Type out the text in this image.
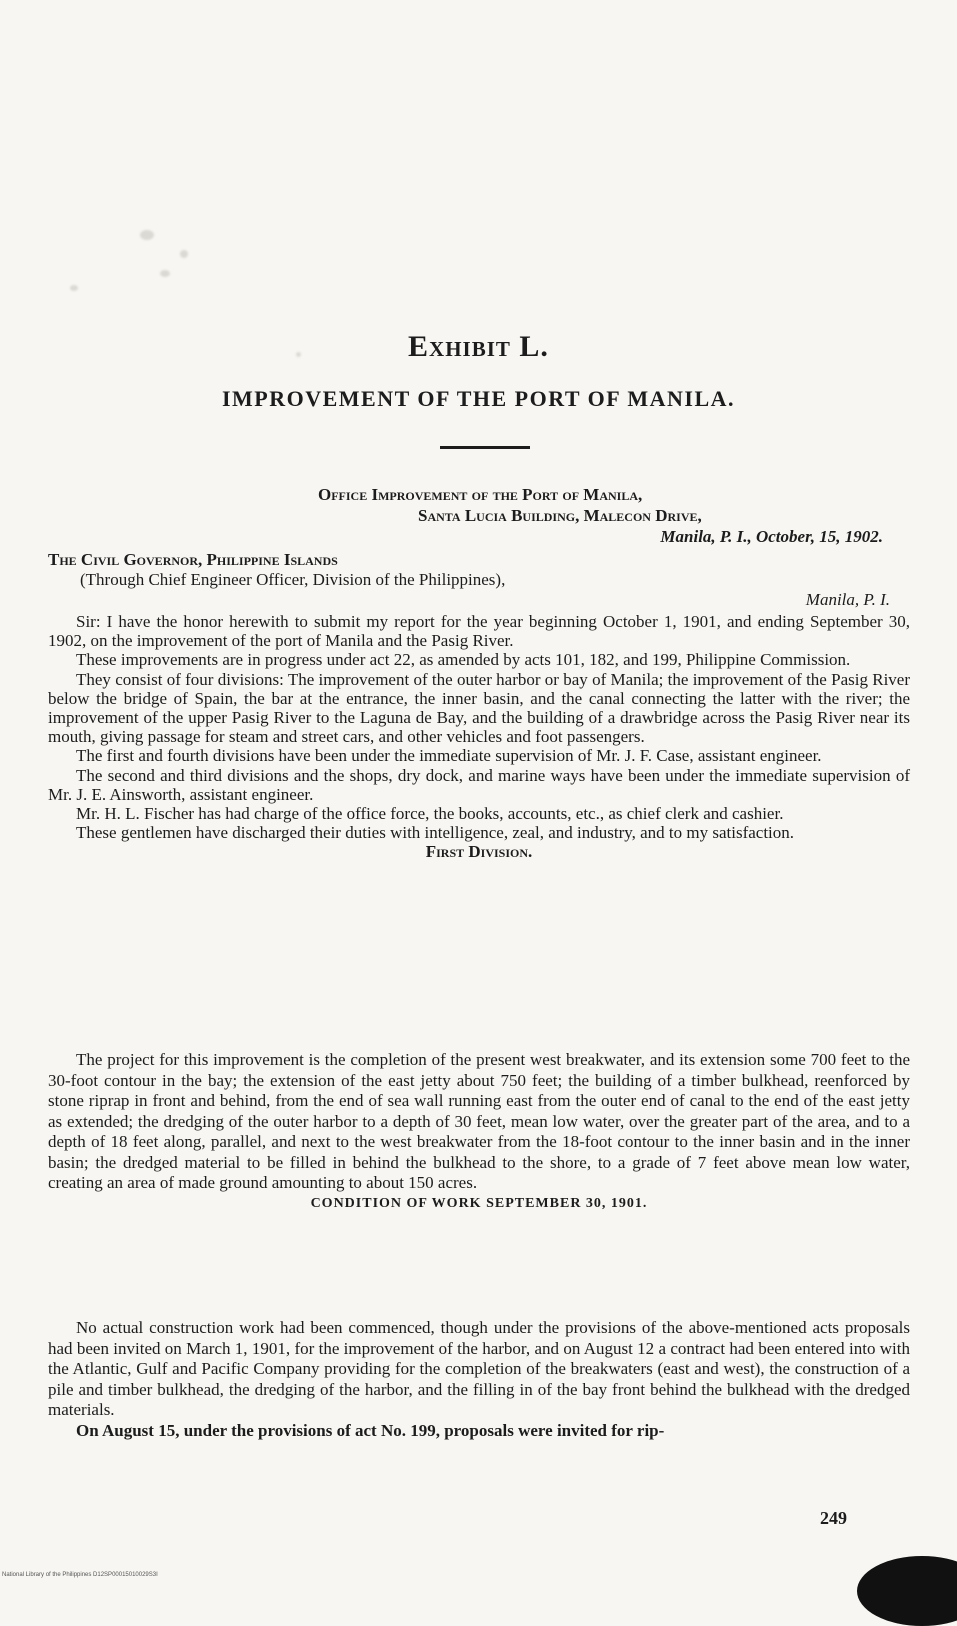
Exhibit L.
IMPROVEMENT OF THE PORT OF MANILA.
Office Improvement of the Port of Manila,
Santa Lucia Building, Malecon Drive,
Manila, P. I., October, 15, 1902.
The Civil Governor, Philippine Islands
(Through Chief Engineer Officer, Division of the Philippines),
Manila, P. I.

Sir: I have the honor herewith to submit my report for the year beginning October 1, 1901, and ending September 30, 1902, on the improvement of the port of Manila and the Pasig River.

These improvements are in progress under act 22, as amended by acts 101, 182, and 199, Philippine Commission.

They consist of four divisions: The improvement of the outer harbor or bay of Manila; the improvement of the Pasig River below the bridge of Spain, the bar at the entrance, the inner basin, and the canal connecting the latter with the river; the improvement of the upper Pasig River to the Laguna de Bay, and the building of a drawbridge across the Pasig River near its mouth, giving passage for steam and street cars, and other vehicles and foot passengers.

The first and fourth divisions have been under the immediate supervision of Mr. J. F. Case, assistant engineer.

The second and third divisions and the shops, dry dock, and marine ways have been under the immediate supervision of Mr. J. E. Ainsworth, assistant engineer.

Mr. H. L. Fischer has had charge of the office force, the books, accounts, etc., as chief clerk and cashier.

These gentlemen have discharged their duties with intelligence, zeal, and industry, and to my satisfaction.

First Division.

The project for this improvement is the completion of the present west breakwater, and its extension some 700 feet to the 30-foot contour in the bay; the extension of the east jetty about 750 feet; the building of a timber bulkhead, reenforced by stone riprap in front and behind, from the end of sea wall running east from the outer end of canal to the end of the east jetty as extended; the dredging of the outer harbor to a depth of 30 feet, mean low water, over the greater part of the area, and to a depth of 18 feet along, parallel, and next to the west breakwater from the 18-foot contour to the inner basin and in the inner basin; the dredged material to be filled in behind the bulkhead to the shore, to a grade of 7 feet above mean low water, creating an area of made ground amounting to about 150 acres.

CONDITION OF WORK SEPTEMBER 30, 1901.

No actual construction work had been commenced, though under the provisions of the above-mentioned acts proposals had been invited on March 1, 1901, for the improvement of the harbor, and on August 12 a contract had been entered into with the Atlantic, Gulf and Pacific Company providing for the completion of the breakwaters (east and west), the construction of a pile and timber bulkhead, the dredging of the harbor, and the filling in of the bay front behind the bulkhead with the dredged materials.

On August 15, under the provisions of act No. 199, proposals were invited for rip-

249
National Library of the Philippines D12SP00015010029S3I
